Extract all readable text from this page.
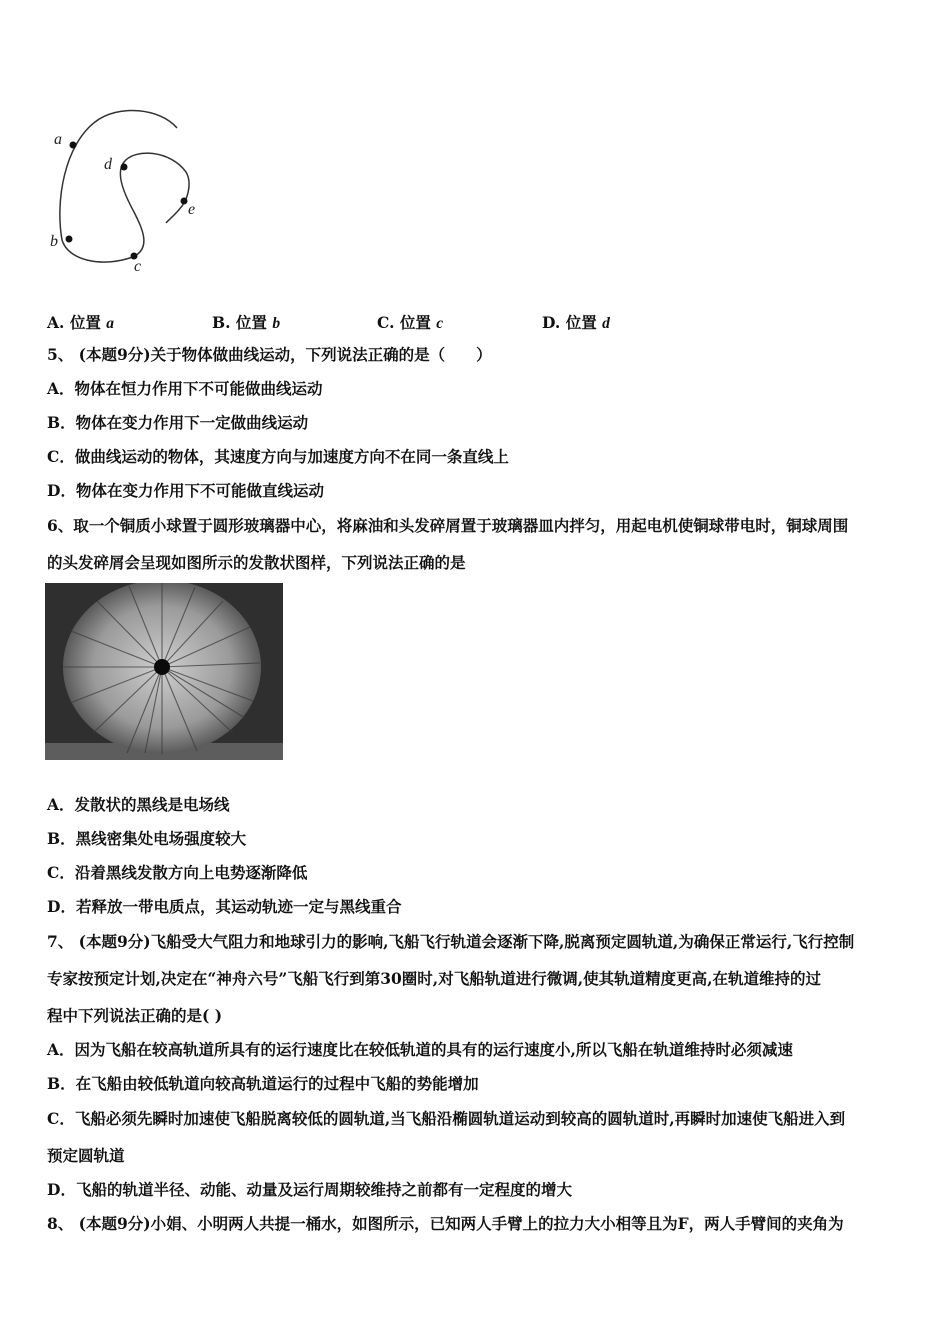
a
b
c
d
e
A. 位置 a	B. 位置 b	C. 位置 c	D. 位置 d
5、 (本题9分)关于物体做曲线运动，下列说法正确的是（　　）
A．物体在恒力作用下不可能做曲线运动
B．物体在变力作用下一定做曲线运动
C．做曲线运动的物体，其速度方向与加速度方向不在同一条直线上
D．物体在变力作用下不可能做直线运动
6、取一个铜质小球置于圆形玻璃器中心，将麻油和头发碎屑置于玻璃器皿内拌匀，用起电机使铜球带电时，铜球周围
的头发碎屑会呈现如图所示的发散状图样，下列说法正确的是
A．发散状的黑线是电场线
B．黑线密集处电场强度较大
C．沿着黑线发散方向上电势逐渐降低
D．若释放一带电质点，其运动轨迹一定与黑线重合
7、 (本题9分)飞船受大气阻力和地球引力的影响,飞船飞行轨道会逐渐下降,脱离预定圆轨道,为确保正常运行,飞行控制
专家按预定计划,决定在“神舟六号”飞船飞行到第30圈时,对飞船轨道进行微调,使其轨道精度更高,在轨道维持的过
程中下列说法正确的是( )
A．因为飞船在较高轨道所具有的运行速度比在较低轨道的具有的运行速度小,所以飞船在轨道维持时必须减速
B．在飞船由较低轨道向较高轨道运行的过程中飞船的势能增加
C．飞船必须先瞬时加速使飞船脱离较低的圆轨道,当飞船沿椭圆轨道运动到较高的圆轨道时,再瞬时加速使飞船进入到
预定圆轨道
D．飞船的轨道半径、动能、动量及运行周期较维持之前都有一定程度的增大
8、 (本题9分)小娟、小明两人共提一桶水，如图所示，已知两人手臂上的拉力大小相等且为F，两人手臂间的夹角为
